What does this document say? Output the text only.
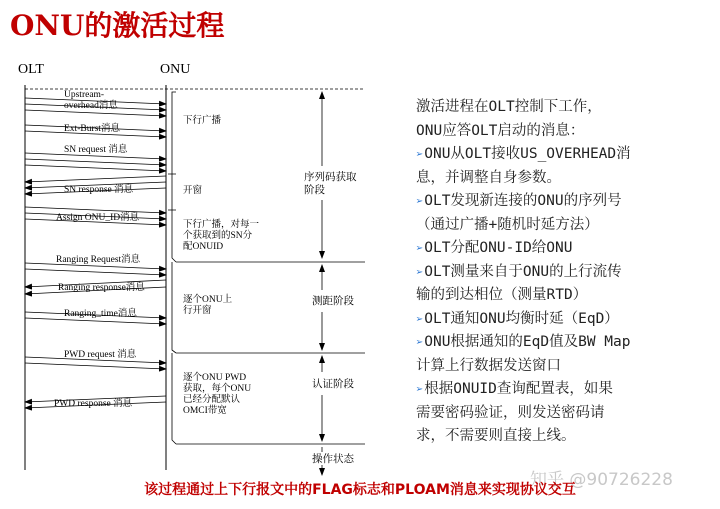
ONU的激活过程
OLT	ONU
Upstream-
overhead消息
Ext-Burst消息
SN request 消息
SN response 消息
Assign ONU_ID消息
Ranging Request消息
Ranging response消息
Ranging_time消息
PWD request 消息
PWD response 消息
下行广播
开窗
下行广播，对每一
个获取到的SN分
配ONUID
逐个ONU上
行开窗
逐个ONU PWD
获取，每个ONU
已经分配默认
OMCI带宽
序列码获取
阶段
测距阶段
认证阶段
操作状态
激活进程在OLT控制下工作，
ONU应答OLT启动的消息：
➢ONU从OLT接收US_OVERHEAD消
息，并调整自身参数。
➢OLT发现新连接的ONU的序列号
（通过广播+随机时延方法）
➢OLT分配ONU-ID给ONU
➢OLT测量来自于ONU的上行流传
输的到达相位（测量RTD）
➢OLT通知ONU均衡时延（EqD）
➢ONU根据通知的EqD值及BW Map
计算上行数据发送窗口
➢根据ONUID查询配置表，如果
需要密码验证，则发送密码请
求，不需要则直接上线。
知乎 @90726228
该过程通过上下行报文中的FLAG标志和PLOAM消息来实现协议交互
